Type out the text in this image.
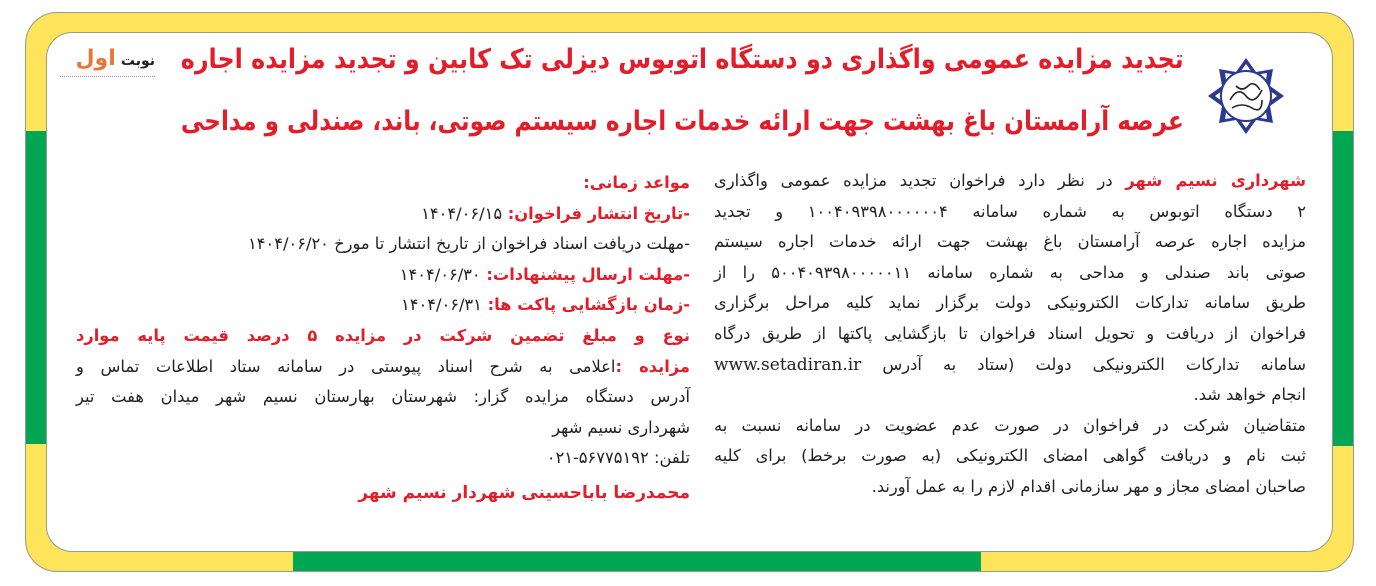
نوبت اول	تجدید مزایده عمومی واگذاری دو دستگاه اتوبوس دیزلی تک کابین و تجدید مزایده اجاره
عرصه آرامستان باغ بهشت جهت ارائه خدمات اجاره سیستم صوتی، باند، صندلی و مداحی
شهرداری نسیم شهر در نظر دارد فراخوان تجدید مزایده عمومی واگذاری
۲ دستگاه اتوبوس به شماره سامانه ۱۰۰۴۰۹۳۹۸۰۰۰۰۰۰۴ و تجدید
مزایده اجاره عرصه آرامستان باغ بهشت جهت ارائه خدمات اجاره سیستم
صوتی باند صندلی و مداحی به شماره سامانه ۵۰۰۴۰۹۳۹۸۰۰۰۰۰۱۱ را از
طریق سامانه تدارکات الکترونیکی دولت برگزار نماید کلیه مراحل برگزاری
فراخوان از دریافت و تحویل اسناد فراخوان تا بازگشایی پاکتها از طریق درگاه
سامانه تدارکات الکترونیکی دولت (ستاد به آدرس www.setadiran.ir
انجام خواهد شد.
متقاضیان شرکت در فراخوان در صورت عدم عضویت در سامانه نسبت به
ثبت نام و دریافت گواهی امضای الکترونیکی (به صورت برخط) برای کلیه
صاحبان امضای مجاز و مهر سازمانی اقدام لازم را به عمل آورند.
مواعد زمانی:
-تاریخ انتشار فراخوان: ۱۴۰۴/۰۶/۱۵
-مهلت دریافت اسناد فراخوان از تاریخ انتشار تا مورخ ۱۴۰۴/۰۶/۲۰
-مهلت ارسال پیشنهادات: ۱۴۰۴/۰۶/۳۰
-زمان بازگشایی پاکت ها: ۱۴۰۴/۰۶/۳۱
نوع و مبلغ تضمین شرکت در مزایده ۵ درصد قیمت پایه موارد
مزایده :اعلامی به شرح اسناد پیوستی در سامانه ستاد اطلاعات تماس و
آدرس دستگاه مزایده گزار: شهرستان بهارستان نسیم شهر میدان هفت تیر
شهرداری نسیم شهر
تلفن: ۰۲۱-۵۶۷۷۵۱۹۲
محمدرضا باباحسینی شهردار نسیم شهر
